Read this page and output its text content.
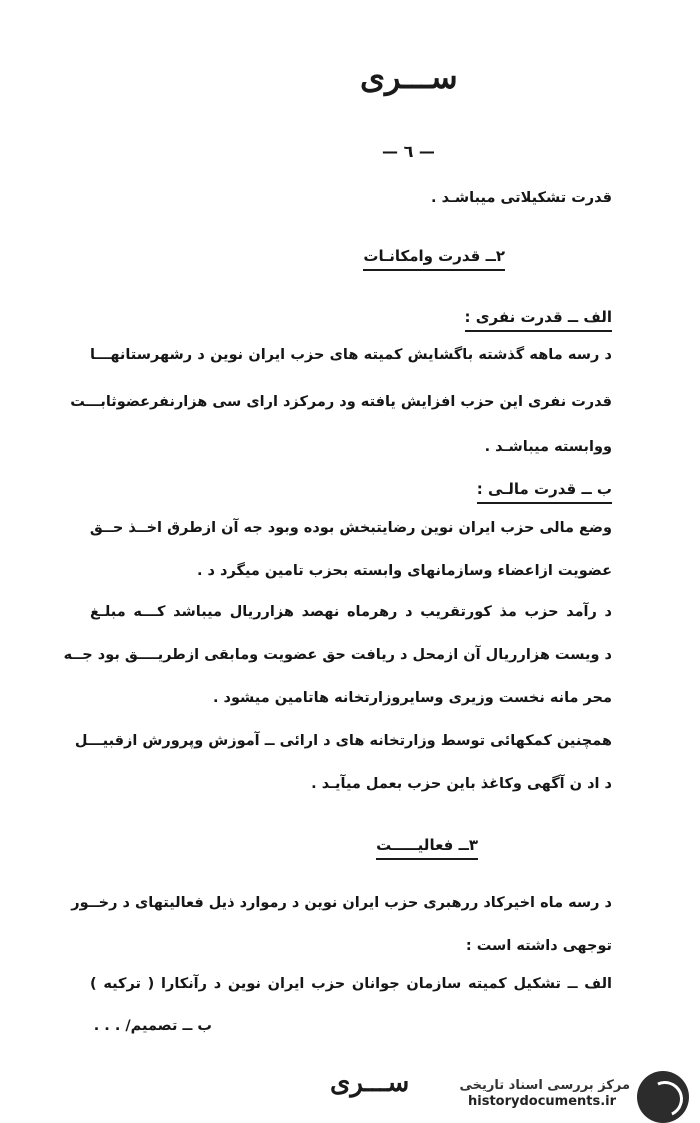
ســـری
— ٦ —
قدرت تشکیلاتی میباشـد .
٢ــ قدرت وامکانـات
الف ــ قدرت نفری :
د رسه ماهه گذشته باگشایش کمیته های حزب ایران نوین د رشهرستانهـــا
قدرت نفری این حزب افزایش یافته ود رمرکزد ارای سی هزارنفرعضوثابـــت
ووابسته میباشـد .
ب ــ قدرت مالـی :
وضع مالی حزب ایران نوین رضایتبخش بوده وبود جه آن ازطرق اخــذ حــق
عضویت ازاعضاء وسازمانهای وابسته بحزب تامین میگرد د .
د رآمد حزب مذ کورتقریب د رهرماه نهصد هزارریال میباشد کـــه مبلـغ
د ویست هزارریال آن ازمحل د ریافت حق عضویت ومابقی ازطریــــق بود جــه
محر مانه نخست وزیری وسایروزارتخانه هاتامین میشود .
همچنین کمکهائی توسط وزارتخانه های د ارائی ــ آموزش وپرورش ازقبیـــل
د اد ن آگهی وکاغذ باین حزب بعمل میآیـد .
٣ــ فعالیـــــت
د رسه ماه اخیرکاد ررهبری حزب ایران نوین د رموارد ذیل فعالیتهای د رخــور
توجهی داشته است :
الف ــ تشکیل کمیته سازمان جوانان حزب ایران نوین د رآنکارا ( ترکیه )
ب ــ تصمیم/ . . .
ســـری	مرکز بررسی اسناد تاریخی
historydocuments.ir
